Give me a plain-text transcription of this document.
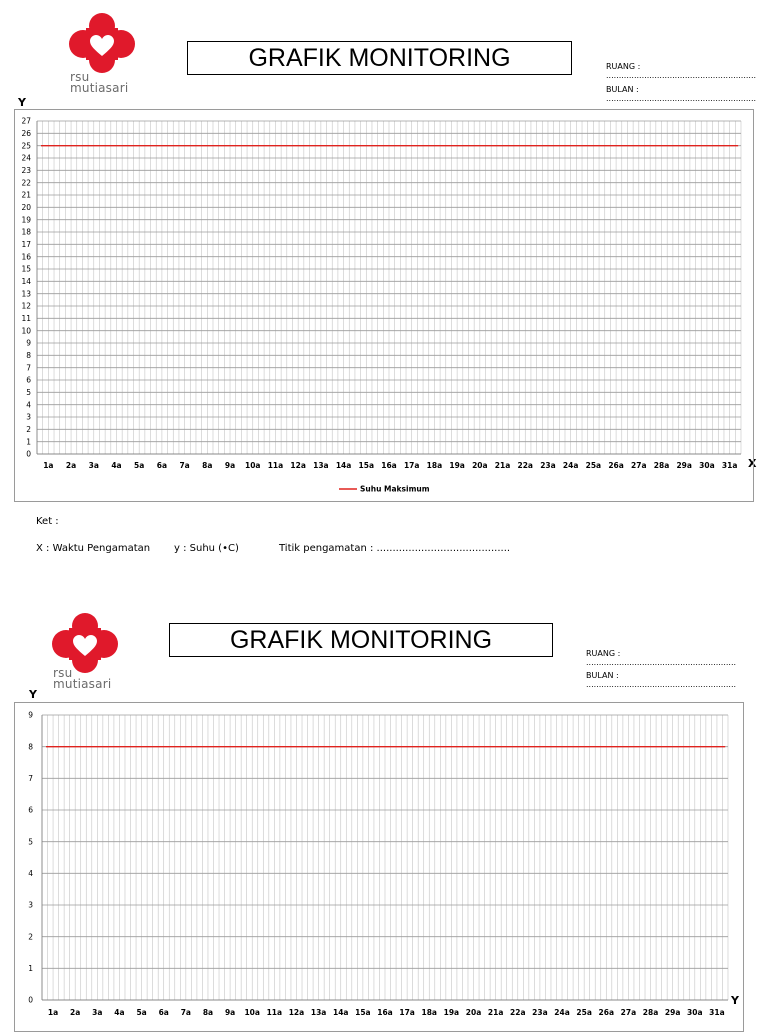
rsu
mutiasari
GRAFIK MONITORING	RUANG : ...........................................................
BULAN : ...........................................................
Y
X
0
1
2
3
4
5
6
7
8
9
10
11
12
13
14
15
16
17
18
19
20
21
22
23
24
25
26
27
1a 2a 3a 4a 5a 6a 7a 8a 9a 10a 11a 12a 13a 14a 15a 16a 17a 18a 19a 20a 21a 22a 23a 24a 25a 26a 27a 28a 29a 30a 31a
Suhu Maksimum
Ket :
X : Waktu Pengamatan y : Suhu (•C)	Titik pengamatan : ..........................................
rsu
mutiasari
GRAFIK MONITORING	RUANG : ...........................................................
BULAN : ...........................................................
Y
Y
0
1
2
3
4
5
6
7
8
9
1a 2a 3a 4a 5a 6a 7a 8a 9a 10a 11a 12a 13a 14a 15a 16a 17a 18a 19a 20a 21a 22a 23a 24a 25a 26a 27a 28a 29a 30a 31a
